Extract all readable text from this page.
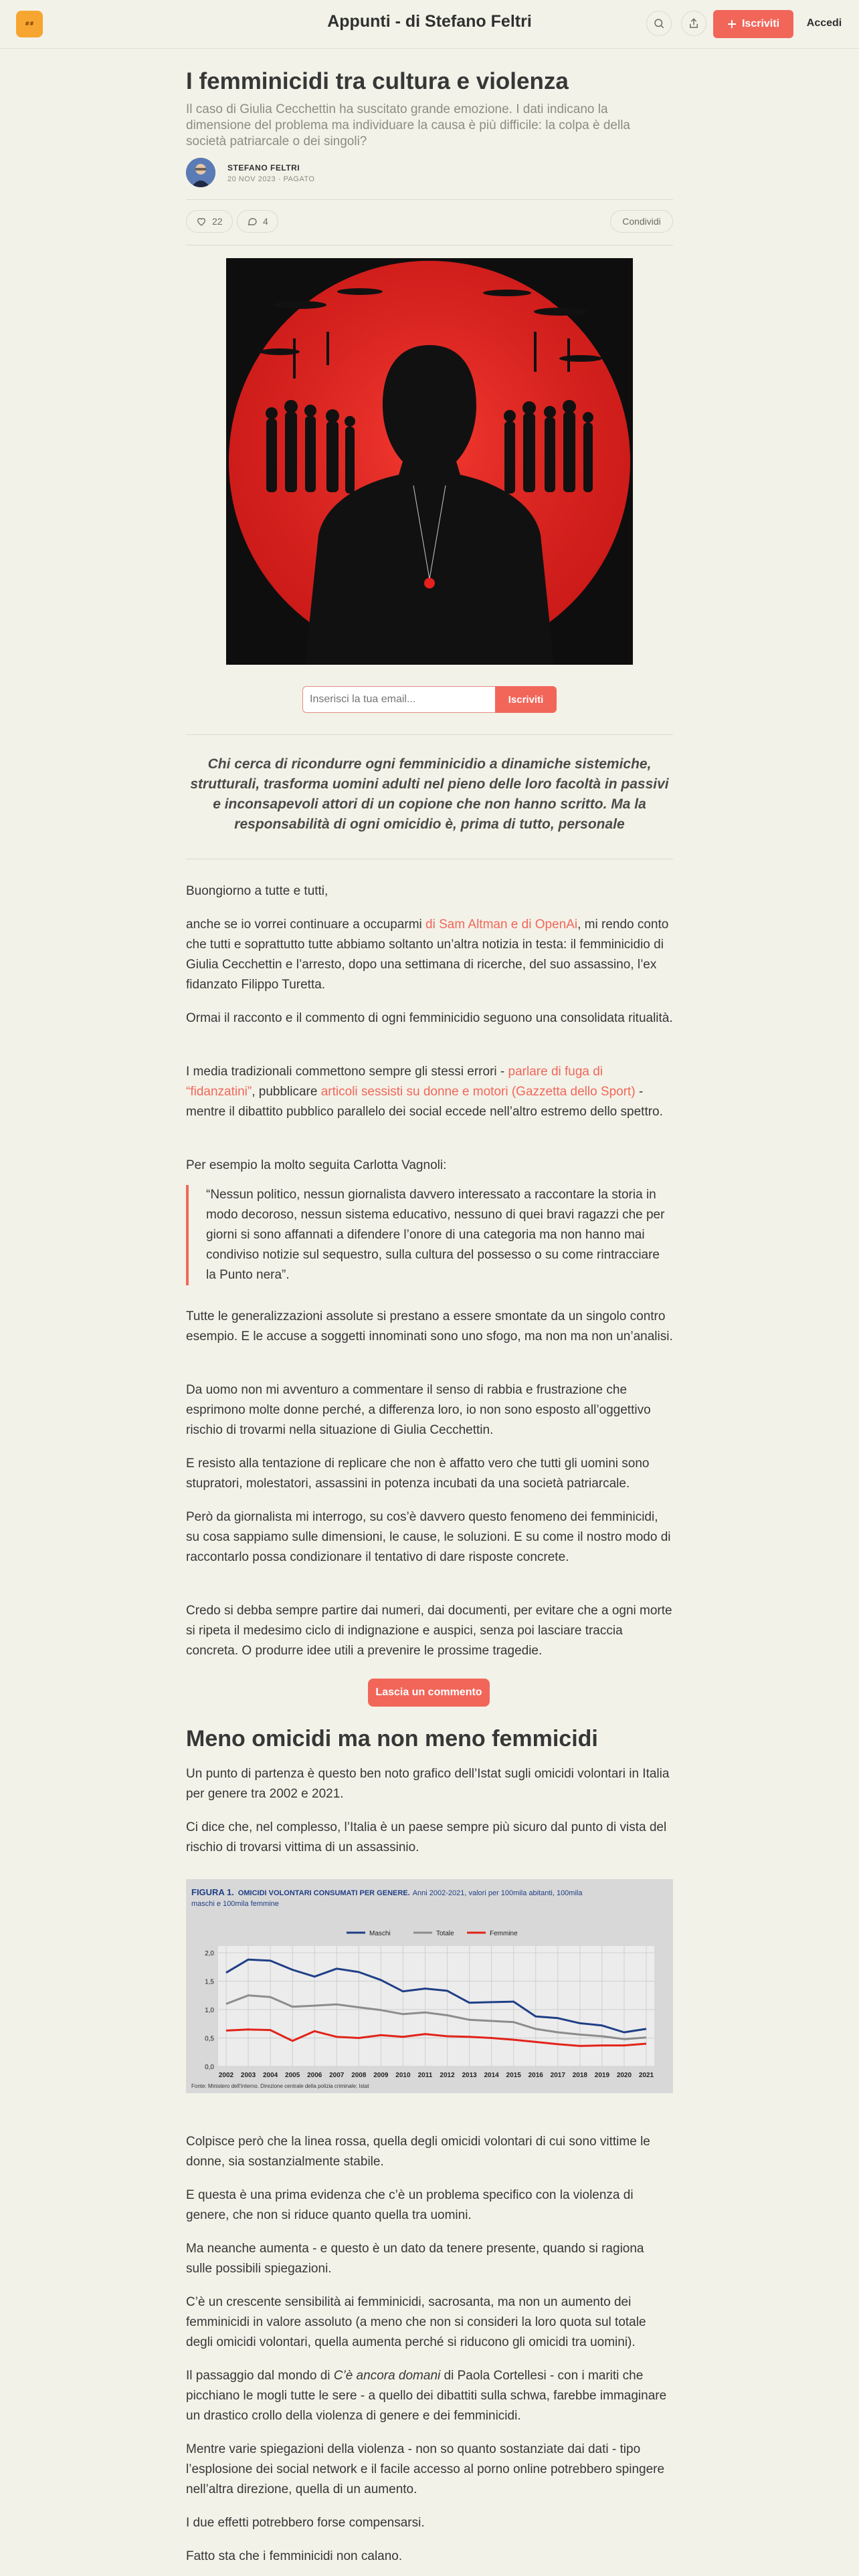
##	Appunti - di Stefano Feltri	Iscriviti	Accedi
I femminicidi tra cultura e violenza
Il caso di Giulia Cecchettin ha suscitato grande emozione. I dati indicano la dimensione del problema ma individuare la causa è più difficile: la colpa è della società patriarcale o dei singoli?
STEFANO FELTRI
20 NOV 2023 · PAGATO
22	4	Condividi
Inserisci la tua email...
Iscriviti
Chi cerca di ricondurre ogni femminicidio a dinamiche sistemiche, strutturali, trasforma uomini adulti nel pieno delle loro facoltà in passivi e inconsapevoli attori di un copione che non hanno scritto. Ma la responsabilità di ogni omicidio è, prima di tutto, personale

Buongiorno a tutte e tutti,

anche se io vorrei continuare a occuparmi di Sam Altman e di OpenAi, mi rendo conto che tutti e soprattutto tutte abbiamo soltanto un’altra notizia in testa: il femminicidio di Giulia Cecchettin e l’arresto, dopo una settimana di ricerche, del suo assassino, l’ex fidanzato Filippo Turetta.

Ormai il racconto e il commento di ogni femminicidio seguono una consolidata ritualità.

I media tradizionali commettono sempre gli stessi errori - parlare di fuga di “fidanzatini”, pubblicare articoli sessisti su donne e motori (Gazzetta dello Sport) - mentre il dibattito pubblico parallelo dei social eccede nell’altro estremo dello spettro.

Per esempio la molto seguita Carlotta Vagnoli:

“Nessun politico, nessun giornalista davvero interessato a raccontare la storia in modo decoroso, nessun sistema educativo, nessuno di quei bravi ragazzi che per giorni si sono affannati a difendere l’onore di una categoria ma non hanno mai condiviso notizie sul sequestro, sulla cultura del possesso o su come rintracciare la Punto nera”.

Tutte le generalizzazioni assolute si prestano a essere smontate da un singolo contro esempio. E le accuse a soggetti innominati sono uno sfogo, ma non ma non un’analisi.

Da uomo non mi avventuro a commentare il senso di rabbia e frustrazione che esprimono molte donne perché, a differenza loro, io non sono esposto all’oggettivo rischio di trovarmi nella situazione di Giulia Cecchettin.

E resisto alla tentazione di replicare che non è affatto vero che tutti gli uomini sono stupratori, molestatori, assassini in potenza incubati da una società patriarcale.

Però da giornalista mi interrogo, su cos’è davvero questo fenomeno dei femminicidi, su cosa sappiamo sulle dimensioni, le cause, le soluzioni. E su come il nostro modo di raccontarlo possa condizionare il tentativo di dare risposte concrete.

Credo si debba sempre partire dai numeri, dai documenti, per evitare che a ogni morte si ripeta il medesimo ciclo di indignazione e auspici, senza poi lasciare traccia concreta. O produrre idee utili a prevenire le prossime tragedie.

Lascia un commento
Meno omicidi ma non meno femmicidi

Un punto di partenza è questo ben noto grafico dell’Istat sugli omicidi volontari in Italia per genere tra 2002 e 2021.

Ci dice che, nel complesso, l’Italia è un paese sempre più sicuro dal punto di vista del rischio di trovarsi vittima di un assassinio.

FIGURA 1. OMICIDI VOLONTARI CONSUMATI PER GENERE. Anni 2002-2021, valori per 100mila abitanti, 100mila
maschi e 100mila femmine
Maschi	Totale	Femmine
2002 2003 2004 2005 2006 2007 2008 2009 2010 2011 2012 2013 2014 2015 2016 2017 2018 2019 2020 2021
0,0
0,5
1,0
1,5
2,0
Fonte: Ministero dell’Interno. Direzione centrale della polizia criminale; Istat

Colpisce però che la linea rossa, quella degli omicidi volontari di cui sono vittime le donne, sia sostanzialmente stabile.

E questa è una prima evidenza che c’è un problema specifico con la violenza di genere, che non si riduce quanto quella tra uomini.

Ma neanche aumenta - e questo è un dato da tenere presente, quando si ragiona sulle possibili spiegazioni.

C’è un crescente sensibilità ai femminicidi, sacrosanta, ma non un aumento dei femminicidi in valore assoluto (a meno che non si consideri la loro quota sul totale degli omicidi volontari, quella aumenta perché si riducono gli omicidi tra uomini).

Il passaggio dal mondo di C’è ancora domani di Paola Cortellesi - con i mariti che picchiano le mogli tutte le sere - a quello dei dibattiti sulla schwa, farebbe immaginare un drastico crollo della violenza di genere e dei femminicidi.

Mentre varie spiegazioni della violenza - non so quanto sostanziate dai dati - tipo l’esplosione dei social network e il facile accesso al porno online potrebbero spingere nell’altra direzione, quella di un aumento.

I due effetti potrebbero forse compensarsi.

Fatto sta che i femminicidi non calano.
